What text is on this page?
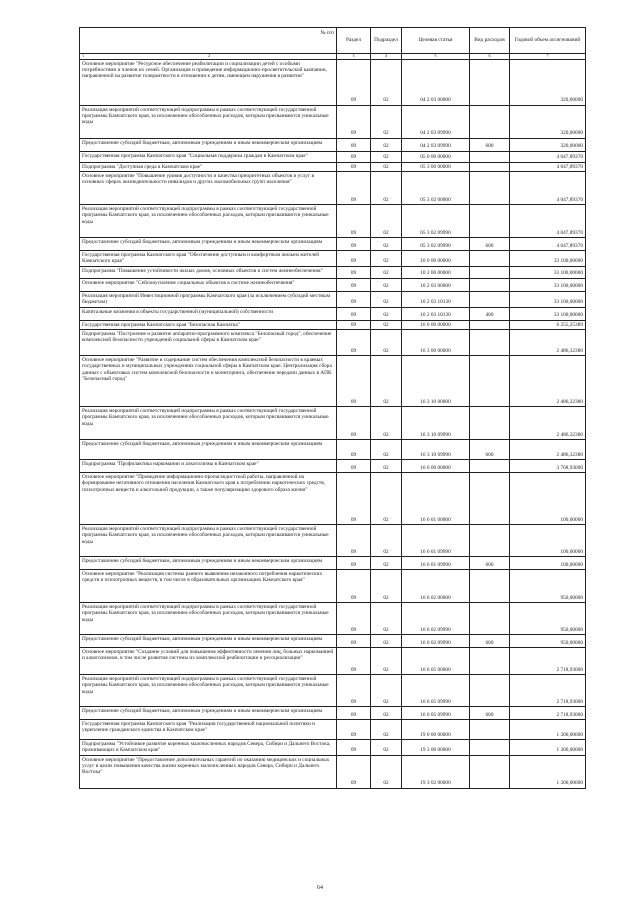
№ п/п	Раздел	Подраздел	Целевая статья	Вид расходов	Годовой объем ассигнований

1 2	3	4	5	6	7
Основное мероприятие "Ресурсное обеспечение реабилитации и социализации детей с особыми потребностями и членов их семей. Организация и проведение информационно-просветительской кампании, направленной на развитие толерантности в отношении к детям, имеющим нарушения в развитии"	09	02	04 2 03 00000		320,00000
Реализация мероприятий соответствующей подпрограммы в рамках соответствующей государственной программы Камчатского края, за исключением обособленных расходов, которым присваиваются уникальные коды	09	02	04 2 03 09990		320,00000
Предоставление субсидий бюджетным, автономным учреждениям и иным некоммерческим организациям	09	02	04 2 03 09990	600	320,00000
Государственная программа Камчатского края "Социальная поддержка граждан в Камчатском крае"	09	02	05 0 00 00000		4 047,89370
Подпрограмма "Доступная среда в Камчатском крае"	09	02	05 3 00 00000		4 047,89370
Основное мероприятие "Повышение уровня доступности и качества приоритетных объектов и услуг в основных сферах жизнедеятельности инвалидов и других маломобильных групп населения"	09	02	05 3 02 00000		4 047,89370
Реализация мероприятий соответствующей подпрограммы в рамках соответствующей государственной программы Камчатского края, за исключением обособленных расходов, которым присваиваются уникальные коды	09	02	05 3 02 09990		4 047,89370
Предоставление субсидий бюджетным, автономным учреждениям и иным некоммерческим организациям	09	02	05 3 02 09990	600	4 047,89370
Государственная программа Камчатского края "Обеспечение доступным и комфортным жильем жителей Камчатского края"	09	02	10 0 00 00000		33 100,00000
Подпрограмма "Повышение устойчивости жилых домов, основных объектов и систем жизнеобеспечения"	09	02	10 2 00 00000		33 100,00000
Основное мероприятие "Сейсмоусиление социальных объектов в системе жизнеобеспечения"	09	02	10 2 03 00000		33 100,00000
Реализация мероприятий Инвестиционной программы Камчатского края (за исключением субсидий местным бюджетам)	09	02	10 2 03 10130		33 100,00000
Капитальные вложения в объекты государственной (муниципальной) собственности	09	02	10 2 03 10130	400	33 100,00000
Государственная программа Камчатского края "Безопасная Камчатка"	09	02	16 0 00 00000		6 255,25389
Подпрограмма "Построение и развитие аппаратно-программного комплекса "Безопасный город", обеспечение комплексной безопасности учреждений социальной сферы в Камчатском крае"	09	02	16 3 00 00000		2 486,32380
Основное мероприятие "Развитие и содержание систем обеспечения комплексной безопасности в краевых государственных и муниципальных учреждениях социальной сферы в Камчатском крае. Централизация сбора данных с объектовых систем комплексной безопасности и мониторинга, обеспечение передачи данных в АПК "Безопасный город"	09	02	16 3 10 00000		2 486,32380
Реализация мероприятий соответствующей подпрограммы в рамках соответствующей государственной программы Камчатского края, за исключением обособленных расходов, которым присваиваются уникальные коды	09	02	16 3 10 09990		2 486,32380
Предоставление субсидий бюджетным, автономным учреждениям и иным некоммерческим организациям	09	02	16 3 10 09990	600	2 486,32380
Подпрограмма "Профилактика наркомании и алкоголизма в Камчатском крае"	09	02	16 6 00 00000		3 768,93000
Основное мероприятие "Проведение информационно-пропагандистской работы, направленной на формирование негативного отношения населения Камчатского края к потреблению наркотических средств, психотропных веществ и алкогольной продукции, а также популяризацию здорового образа жизни"	09	02	16 6 01 00000		100,00000
Реализация мероприятий соответствующей подпрограммы в рамках соответствующей государственной программы Камчатского края, за исключением обособленных расходов, которым присваиваются уникальные коды	09	02	16 6 01 09990		100,00000
Предоставление субсидий бюджетным, автономным учреждениям и иным некоммерческим организациям	09	02	16 6 01 09990	600	100,00000
Основное мероприятие "Реализация системы раннего выявления незаконного потребления наркотических средств и психотропных веществ, в том числе в образовательных организациях Камчатского края"	09	02	16 6 02 00000		950,00000
Реализация мероприятий соответствующей подпрограммы в рамках соответствующей государственной программы Камчатского края, за исключением обособленных расходов, которым присваиваются уникальные коды	09	02	16 6 02 09990		950,00000
Предоставление субсидий бюджетным, автономным учреждениям и иным некоммерческим организациям	09	02	16 6 02 09990	600	950,00000
Основное мероприятие "Создание условий для повышения эффективности лечения лиц, больных наркоманией и алкоголизмом, в том числе развития системы их комплексной реабилитации и ресоциализации"	09	02	16 6 05 00000		2 718,93000
Реализация мероприятий соответствующей подпрограммы в рамках соответствующей государственной программы Камчатского края, за исключением обособленных расходов, которым присваиваются уникальные коды	09	02	16 6 05 09990		2 718,93000
Предоставление субсидий бюджетным, автономным учреждениям и иным некоммерческим организациям	09	02	16 6 05 09990	600	2 718,93000
Государственная программа Камчатского края "Реализация государственной национальной политики и укрепление гражданского единства в Камчатском крае"	09	02	19 0 00 00000		1 300,00000
Подпрограмма "Устойчивое развитие коренных малочисленных народов Севера, Сибири и Дальнего Востока, проживающих в Камчатском крае"	09	02	19 3 00 00000		1 300,00000
Основное мероприятие "Предоставление дополнительных гарантий по оказанию медицинских и социальных услуг в целях повышения качества жизни коренных малочисленных народов Севера, Сибири и Дальнего Востока"	09	02	19 3 02 00000		1 300,00000
64
